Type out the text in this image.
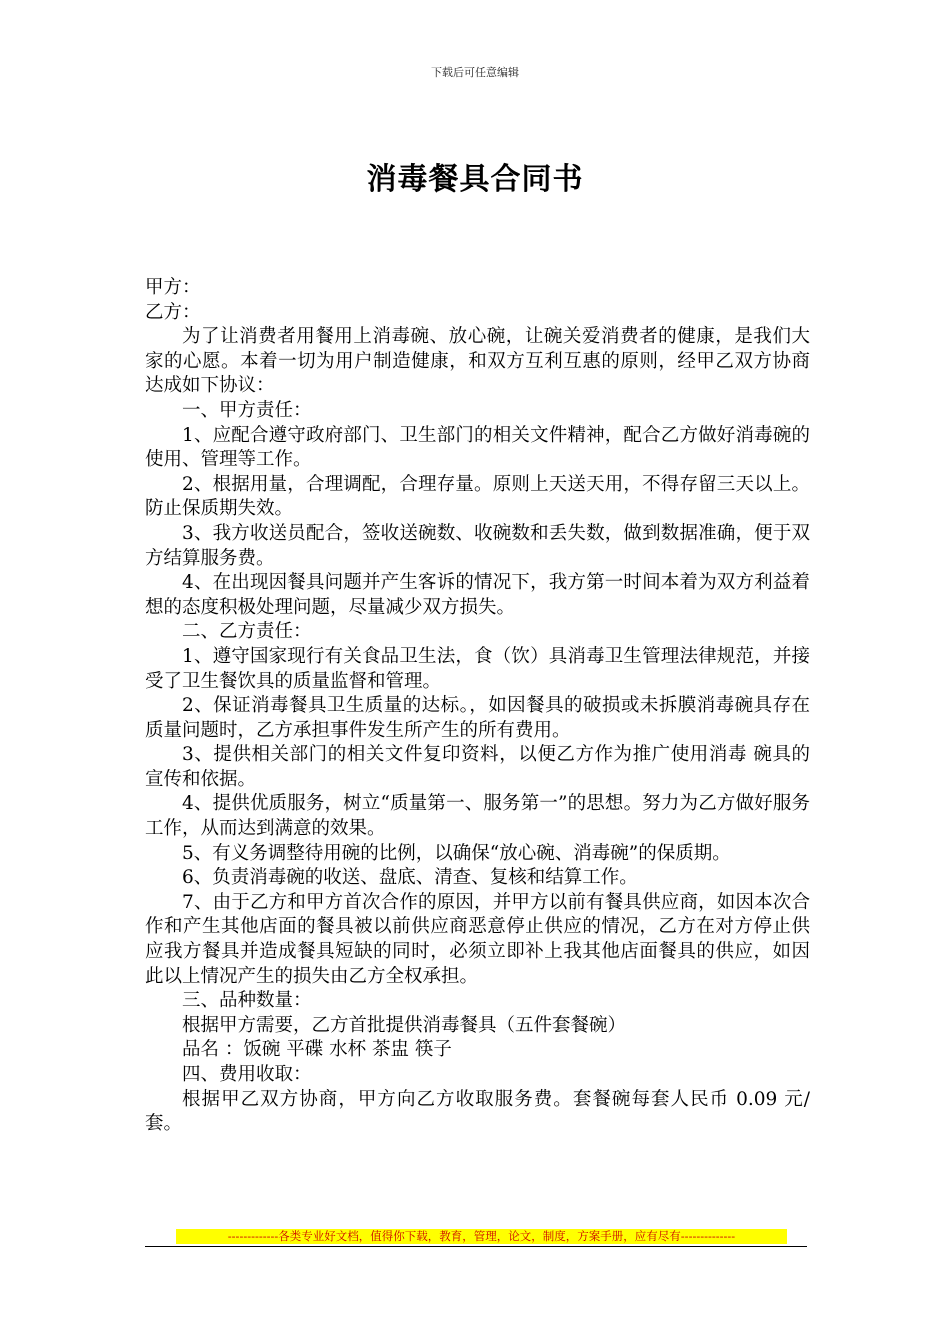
下载后可任意编辑
消毒餐具合同书

甲方：

乙方：

为了让消费者用餐用上消毒碗、放心碗，让碗关爱消费者的健康，是我们大家的心愿。本着一切为用户制造健康，和双方互利互惠的原则，经甲乙双方协商达成如下协议：

一、甲方责任：

1、应配合遵守政府部门、卫生部门的相关文件精神，配合乙方做好消毒碗的使用、管理等工作。

2、根据用量，合理调配，合理存量。原则上天送天用，不得存留三天以上。防止保质期失效。

3、我方收送员配合，签收送碗数、收碗数和丢失数，做到数据准确，便于双方结算服务费。

4、在出现因餐具问题并产生客诉的情况下，我方第一时间本着为双方利益着想的态度积极处理问题，尽量减少双方损失。

二、乙方责任：

1、遵守国家现行有关食品卫生法，食（饮）具消毒卫生管理法律规范，并接受了卫生餐饮具的质量监督和管理。

2、保证消毒餐具卫生质量的达标。，如因餐具的破损或未拆膜消毒碗具存在质量问题时，乙方承担事件发生所产生的所有费用。

3、提供相关部门的相关文件复印资料，以便乙方作为推广使用消毒 碗具的宣传和依据。

4、提供优质服务，树立“质量第一、服务第一”的思想。努力为乙方做好服务工作，从而达到满意的效果。

5、有义务调整待用碗的比例，以确保“放心碗、消毒碗”的保质期。

6、负责消毒碗的收送、盘底、清查、复核和结算工作。

7、由于乙方和甲方首次合作的原因，并甲方以前有餐具供应商，如因本次合作和产生其他店面的餐具被以前供应商恶意停止供应的情况，乙方在对方停止供应我方餐具并造成餐具短缺的同时，必须立即补上我其他店面餐具的供应，如因此以上情况产生的损失由乙方全权承担。

三、品种数量：

根据甲方需要，乙方首批提供消毒餐具（五件套餐碗）

品名 ：饭碗 平碟 水杯 茶盅 筷子

四、费用收取：

根据甲乙双方协商，甲方向乙方收取服务费。套餐碗每套人民币 0.09 元/套。

-------------各类专业好文档，值得你下载，教育，管理，论文，制度，方案手册，应有尽有--------------
